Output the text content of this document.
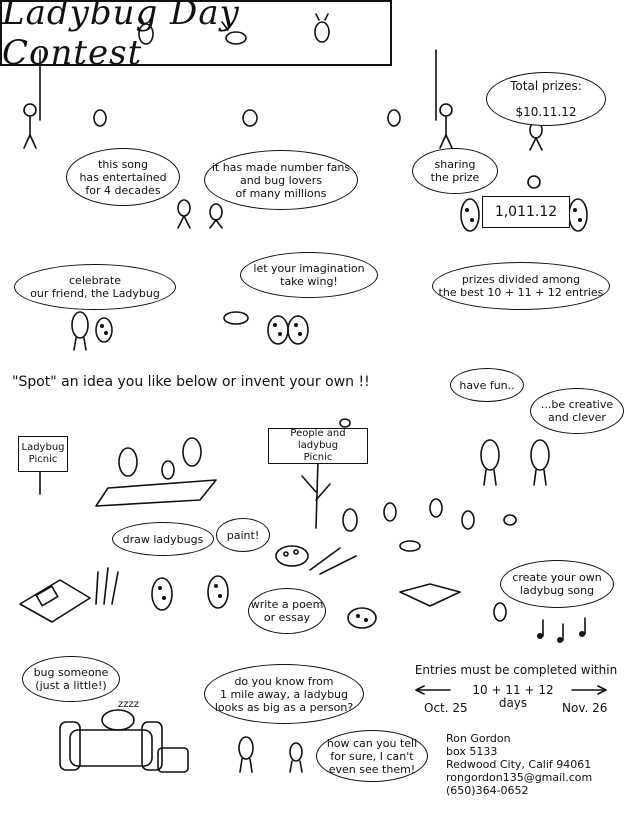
Ladybug Day Contest

Total prizes:

$10.11.12

this song
has entertained
for 4 decades
it has made number fans
and bug lovers
of many millions
sharing
the prize
1,011.12
celebrate
our friend, the Ladybug
let your imagination
take wing!	prizes divided among
the best 10 + 11 + 12 entries
"Spot" an idea you like below or invent your own !!	have fun..
...be creative
and clever
Ladybug
Picnic
People and ladybug
Picnic
draw ladybugs paint!
write a poem
or essay
create your own
ladybug song
bug someone
(just a little!)
zzzz
do you know from
1 mile away, a ladybug
looks as big as a person?
how can you tell
for sure, I can't
even see them!
Entries must be completed within
10 + 11 + 12 days
Oct. 25	Nov. 26
Ron Gordon
box 5133
Redwood City, Calif 94061
rongordon135@gmail.com
(650)364-0652
